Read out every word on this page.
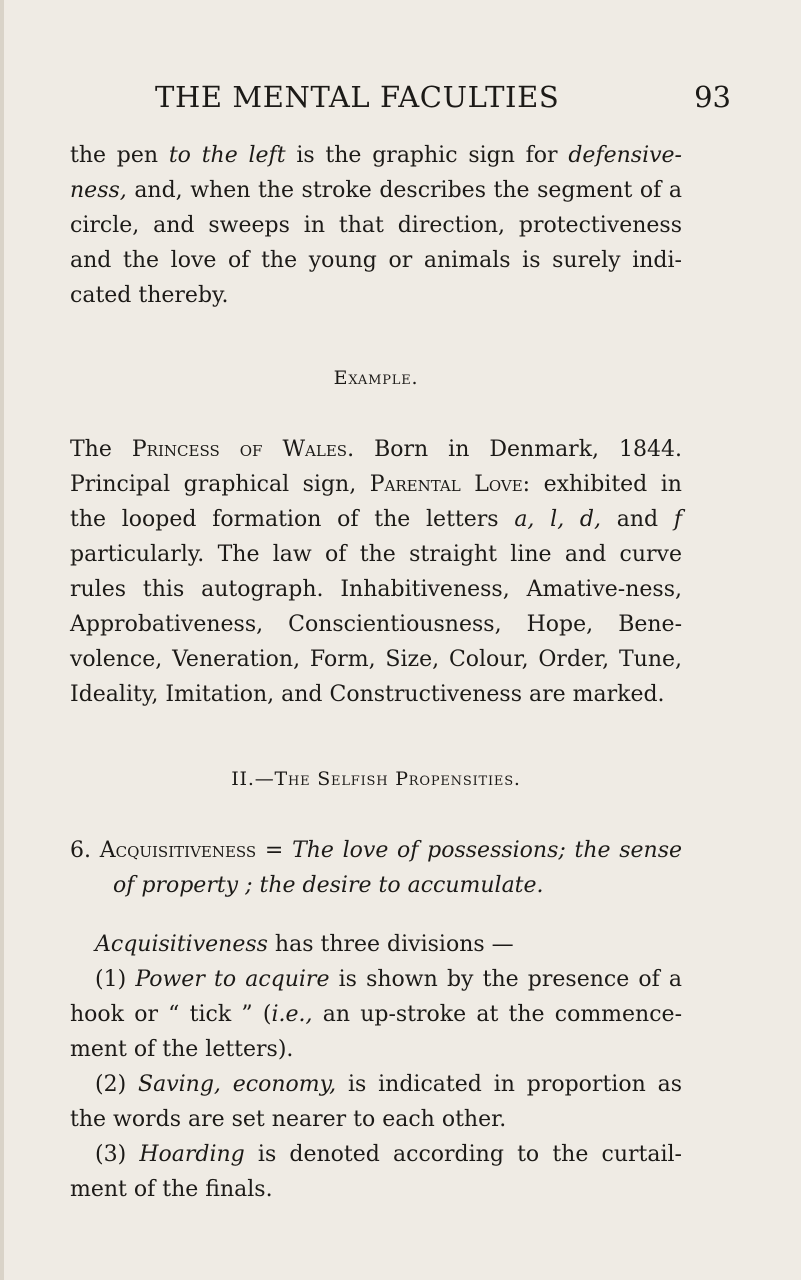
THE MENTAL FACULTIES	93

the pen to the left is the graphic sign for defensive-ness, and, when the stroke describes the segment of a circle, and sweeps in that direction, protectiveness and the love of the young or animals is surely indi-cated thereby.

Example.

The Princess of Wales. Born in Denmark, 1844. Principal graphical sign, Parental Love: exhibited in the looped formation of the letters a, l, d, and f particularly. The law of the straight line and curve rules this autograph. Inhabitiveness, Amative-ness, Approbativeness, Conscientiousness, Hope, Bene-volence, Veneration, Form, Size, Colour, Order, Tune, Ideality, Imitation, and Constructiveness are marked.

II.—The Selfish Propensities.

6. Acquisitiveness = The love of possessions; the sense of property ; the desire to accumulate.

Acquisitiveness has three divisions —

(1) Power to acquire is shown by the presence of a hook or “ tick ” (i.e., an up-stroke at the commence-ment of the letters).

(2) Saving, economy, is indicated in proportion as the words are set nearer to each other.

(3) Hoarding is denoted according to the curtail-ment of the finals.
